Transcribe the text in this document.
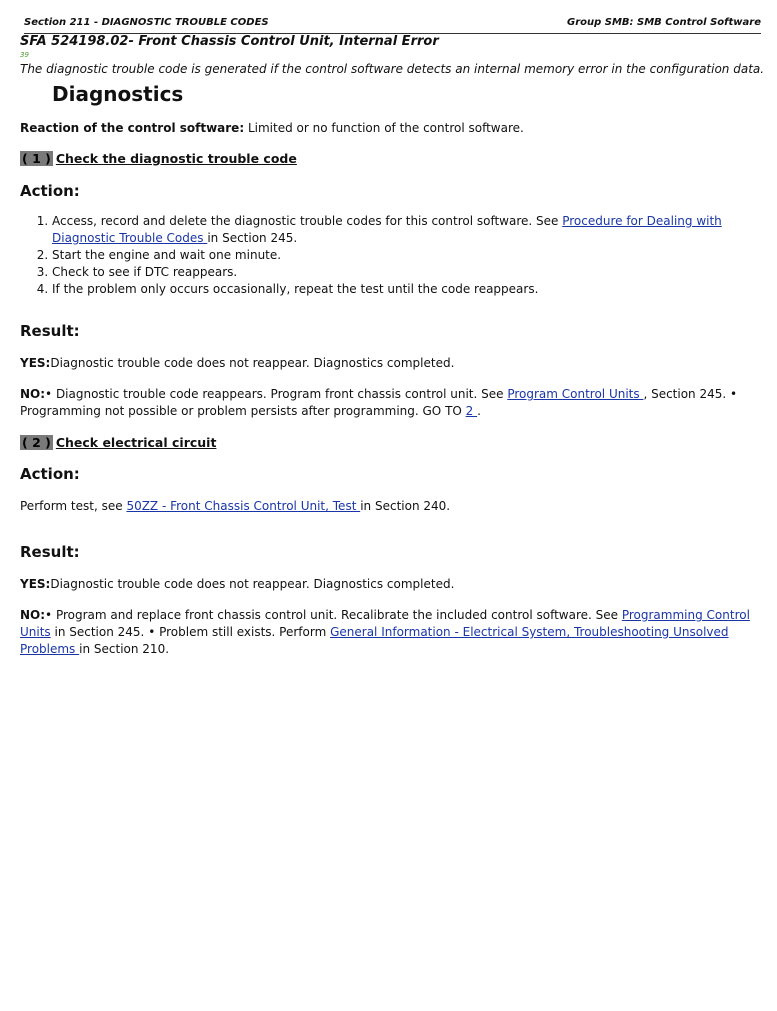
Section 211 - DIAGNOSTIC TROUBLE CODES	Group SMB: SMB Control Software
SFA 524198.02- Front Chassis Control Unit, Internal Error
39
The diagnostic trouble code is generated if the control software detects an internal memory error in the configuration data.
Diagnostics
Reaction of the control software: Limited or no function of the control software.
( 1 ) Check the diagnostic trouble code
Action:
1. Access, record and delete the diagnostic trouble codes for this control software. See Procedure for Dealing with Diagnostic Trouble Codes in Section 245.
2. Start the engine and wait one minute.
3. Check to see if DTC reappears.
4. If the problem only occurs occasionally, repeat the test until the code reappears.
Result:
YES:Diagnostic trouble code does not reappear. Diagnostics completed.
NO:• Diagnostic trouble code reappears. Program front chassis control unit. See Program Control Units , Section 245. • Programming not possible or problem persists after programming. GO TO 2 .
( 2 ) Check electrical circuit
Action:
Perform test, see 50ZZ - Front Chassis Control Unit, Test in Section 240.
Result:
YES:Diagnostic trouble code does not reappear. Diagnostics completed.
NO:• Program and replace front chassis control unit. Recalibrate the included control software. See Programming Control Units in Section 245. • Problem still exists. Perform General Information - Electrical System, Troubleshooting Unsolved Problems in Section 210.
